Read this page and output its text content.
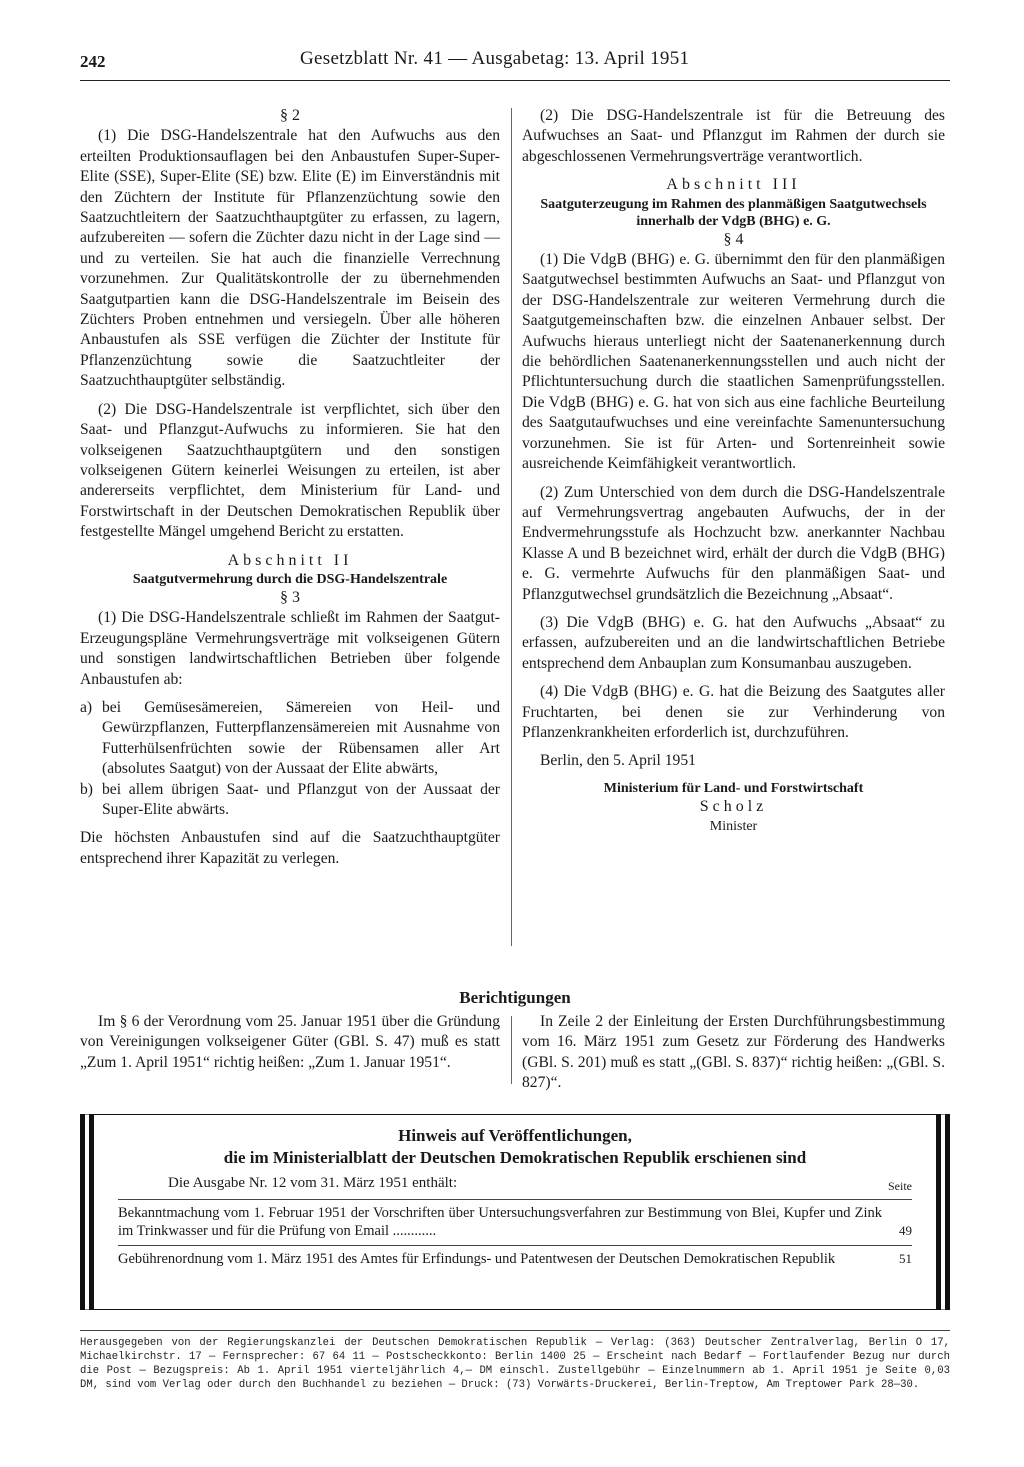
242	Gesetzblatt Nr. 41 — Ausgabetag: 13. April 1951

§ 2

(1) Die DSG-Handelszentrale hat den Aufwuchs aus den erteilten Produktionsauflagen bei den Anbaustufen Super-Super-Elite (SSE), Super-Elite (SE) bzw. Elite (E) im Einverständnis mit den Züchtern der Institute für Pflanzenzüchtung sowie den Saatzuchtleitern der Saatzuchthauptgüter zu erfassen, zu lagern, aufzubereiten — sofern die Züchter dazu nicht in der Lage sind — und zu verteilen. Sie hat auch die finanzielle Verrechnung vorzunehmen. Zur Qualitätskontrolle der zu übernehmenden Saatgutpartien kann die DSG-Handelszentrale im Beisein des Züchters Proben entnehmen und versiegeln. Über alle höheren Anbaustufen als SSE verfügen die Züchter der Institute für Pflanzenzüchtung sowie die Saatzuchtleiter der Saatzuchthauptgüter selbständig.

(2) Die DSG-Handelszentrale ist verpflichtet, sich über den Saat- und Pflanzgut-Aufwuchs zu informieren. Sie hat den volkseigenen Saatzuchthauptgütern und den sonstigen volkseigenen Gütern keinerlei Weisungen zu erteilen, ist aber andererseits verpflichtet, dem Ministerium für Land- und Forstwirtschaft in der Deutschen Demokratischen Republik über festgestellte Mängel umgehend Bericht zu erstatten.

Abschnitt II

Saatgutvermehrung durch die DSG-Handelszentrale

§ 3

(1) Die DSG-Handelszentrale schließt im Rahmen der Saatgut-Erzeugungspläne Vermehrungsverträge mit volkseigenen Gütern und sonstigen landwirtschaftlichen Betrieben über folgende Anbaustufen ab:

a) bei Gemüsesämereien, Sämereien von Heil- und Gewürzpflanzen, Futterpflanzensämereien mit Ausnahme von Futterhülsenfrüchten sowie der Rübensamen aller Art (absolutes Saatgut) von der Aussaat der Elite abwärts,
b) bei allem übrigen Saat- und Pflanzgut von der Aussaat der Super-Elite abwärts.

Die höchsten Anbaustufen sind auf die Saatzuchthauptgüter entsprechend ihrer Kapazität zu verlegen.

(2) Die DSG-Handelszentrale ist für die Betreuung des Aufwuchses an Saat- und Pflanzgut im Rahmen der durch sie abgeschlossenen Vermehrungsverträge verantwortlich.

Abschnitt III

Saatguterzeugung im Rahmen des planmäßigen Saatgutwechsels innerhalb der VdgB (BHG) e. G.

§ 4

(1) Die VdgB (BHG) e. G. übernimmt den für den planmäßigen Saatgutwechsel bestimmten Aufwuchs an Saat- und Pflanzgut von der DSG-Handelszentrale zur weiteren Vermehrung durch die Saatgutgemeinschaften bzw. die einzelnen Anbauer selbst. Der Aufwuchs hieraus unterliegt nicht der Saatenanerkennung durch die behördlichen Saatenanerkennungsstellen und auch nicht der Pflichtuntersuchung durch die staatlichen Samenprüfungsstellen. Die VdgB (BHG) e. G. hat von sich aus eine fachliche Beurteilung des Saatgutaufwuchses und eine vereinfachte Samenuntersuchung vorzunehmen. Sie ist für Arten- und Sortenreinheit sowie ausreichende Keimfähigkeit verantwortlich.

(2) Zum Unterschied von dem durch die DSG-Handelszentrale auf Vermehrungsvertrag angebauten Aufwuchs, der in der Endvermehrungsstufe als Hochzucht bzw. anerkannter Nachbau Klasse A und B bezeichnet wird, erhält der durch die VdgB (BHG) e. G. vermehrte Aufwuchs für den planmäßigen Saat- und Pflanzgutwechsel grundsätzlich die Bezeichnung „Absaat“.

(3) Die VdgB (BHG) e. G. hat den Aufwuchs „Absaat“ zu erfassen, aufzubereiten und an die landwirtschaftlichen Betriebe entsprechend dem Anbauplan zum Konsumanbau auszugeben.

(4) Die VdgB (BHG) e. G. hat die Beizung des Saatgutes aller Fruchtarten, bei denen sie zur Verhinderung von Pflanzenkrankheiten erforderlich ist, durchzuführen.

Berlin, den 5. April 1951

Ministerium für Land- und Forstwirtschaft

Scholz

Minister

Berichtigungen

Im § 6 der Verordnung vom 25. Januar 1951 über die Gründung von Vereinigungen volkseigener Güter (GBl. S. 47) muß es statt „Zum 1. April 1951“ richtig heißen: „Zum 1. Januar 1951“.

In Zeile 2 der Einleitung der Ersten Durchführungsbestimmung vom 16. März 1951 zum Gesetz zur Förderung des Handwerks (GBl. S. 201) muß es statt „(GBl. S. 837)“ richtig heißen: „(GBl. S. 827)“.

Hinweis auf Veröffentlichungen,
die im Ministerialblatt der Deutschen Demokratischen Republik erschienen sind
Die Ausgabe Nr. 12 vom 31. März 1951 enthält:	Seite
Bekanntmachung vom 1. Februar 1951 der Vorschriften über Untersuchungsverfahren zur Bestimmung von Blei, Kupfer und Zink im Trinkwasser und für die Prüfung von Email ............	49
Gebührenordnung vom 1. März 1951 des Amtes für Erfindungs- und Patentwesen der Deutschen Demokratischen Republik	51
Herausgegeben von der Regierungskanzlei der Deutschen Demokratischen Republik — Verlag: (363) Deutscher Zentralverlag, Berlin O 17, Michaelkirchstr. 17 — Fernsprecher: 67 64 11 — Postscheckkonto: Berlin 1400 25 — Erscheint nach Bedarf — Fortlaufender Bezug nur durch die Post — Bezugspreis: Ab 1. April 1951 vierteljährlich 4,— DM einschl. Zustellgebühr — Einzelnummern ab 1. April 1951 je Seite 0,03 DM, sind vom Verlag oder durch den Buchhandel zu beziehen — Druck: (73) Vorwärts-Druckerei, Berlin-Treptow, Am Treptower Park 28—30.
